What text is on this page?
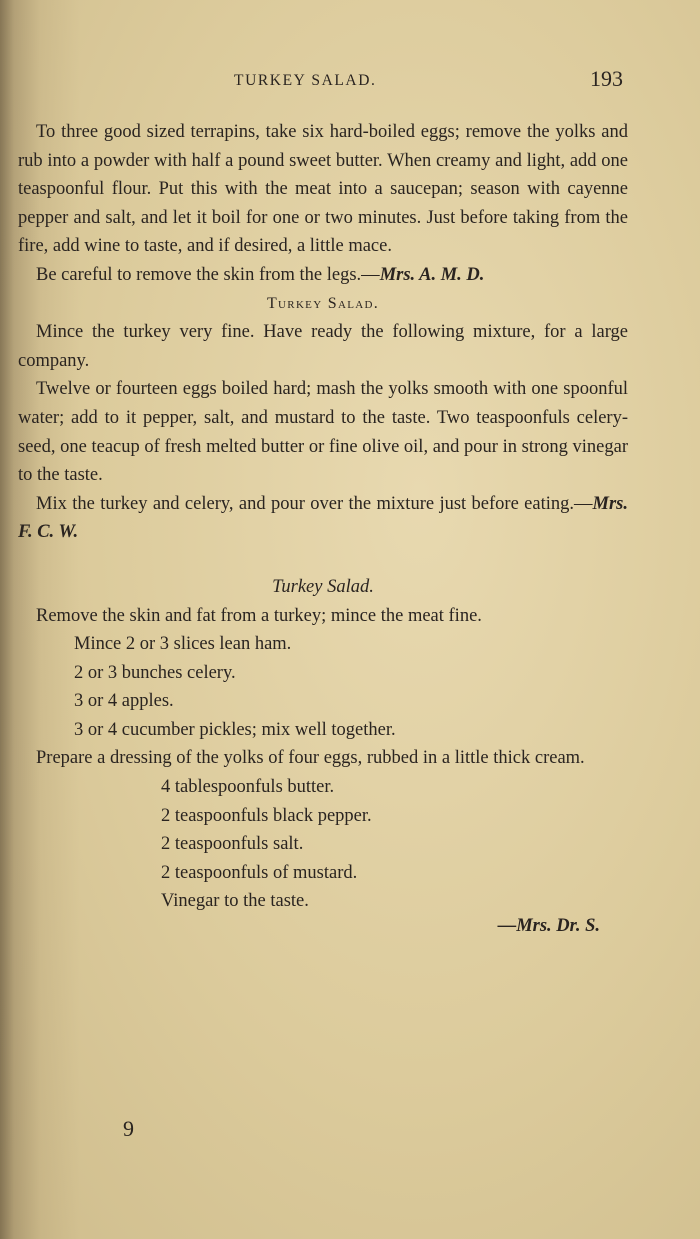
TURKEY SALAD.	193

To three good sized terrapins, take six hard-boiled eggs; remove the yolks and rub into a powder with half a pound sweet butter. When creamy and light, add one teaspoonful flour. Put this with the meat into a saucepan; season with cayenne pepper and salt, and let it boil for one or two minutes. Just before taking from the fire, add wine to taste, and if desired, a little mace.

Be careful to remove the skin from the legs.—Mrs. A. M. D.

Turkey Salad.

Mince the turkey very fine. Have ready the following mixture, for a large company.

Twelve or fourteen eggs boiled hard; mash the yolks smooth with one spoonful water; add to it pepper, salt, and mustard to the taste. Two teaspoonfuls celery-seed, one teacup of fresh melted butter or fine olive oil, and pour in strong vinegar to the taste.

Mix the turkey and celery, and pour over the mixture just before eating.—Mrs. F. C. W.

Turkey Salad.

Remove the skin and fat from a turkey; mince the meat fine.

Mince 2 or 3 slices lean ham.

2 or 3 bunches celery.

3 or 4 apples.

3 or 4 cucumber pickles; mix well together.

Prepare a dressing of the yolks of four eggs, rubbed in a little thick cream.

4 tablespoonfuls butter.

2 teaspoonfuls black pepper.

2 teaspoonfuls salt.

2 teaspoonfuls of mustard.

Vinegar to the taste.

—Mrs. Dr. S.

9
